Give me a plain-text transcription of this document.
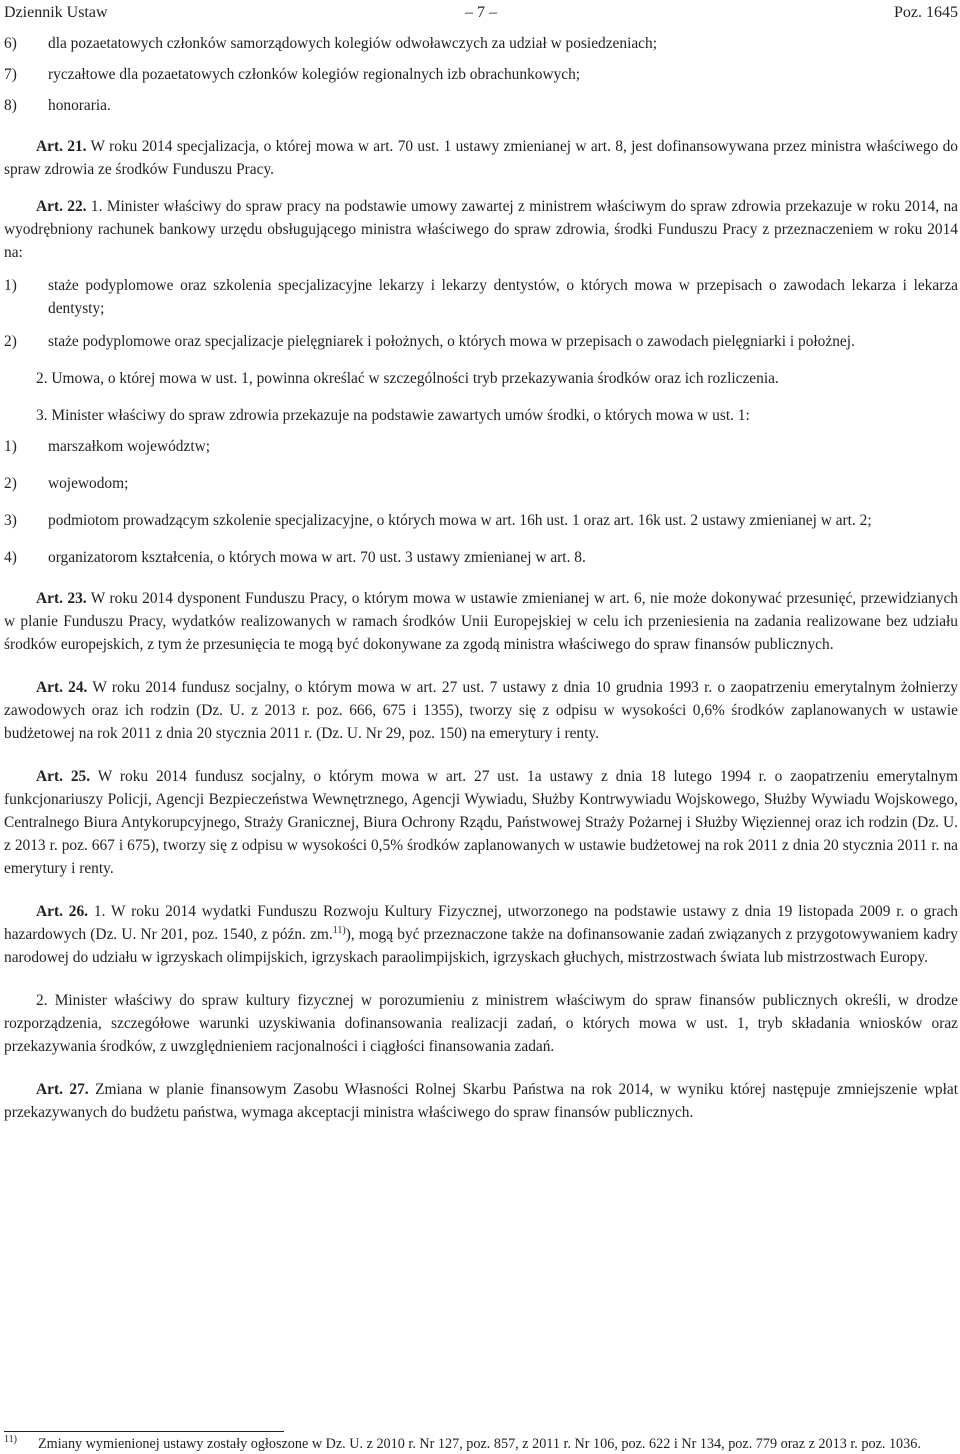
Dziennik Ustaw	– 7 –	Poz. 1645
6) dla pozaetatowych członków samorządowych kolegiów odwoławczych za udział w posiedzeniach;
7) ryczałtowe dla pozaetatowych członków kolegiów regionalnych izb obrachunkowych;
8) honoraria.

Art. 21. W roku 2014 specjalizacja, o której mowa w art. 70 ust. 1 ustawy zmienianej w art. 8, jest dofinansowywana przez ministra właściwego do spraw zdrowia ze środków Funduszu Pracy.

Art. 22. 1. Minister właściwy do spraw pracy na podstawie umowy zawartej z ministrem właściwym do spraw zdrowia przekazuje w roku 2014, na wyodrębniony rachunek bankowy urzędu obsługującego ministra właściwego do spraw zdrowia, środki Funduszu Pracy z przeznaczeniem w roku 2014 na:

1) staże podyplomowe oraz szkolenia specjalizacyjne lekarzy i lekarzy dentystów, o których mowa w przepisach o zawodach lekarza i lekarza dentysty;
2) staże podyplomowe oraz specjalizacje pielęgniarek i położnych, o których mowa w przepisach o zawodach pielęgniarki i położnej.

2. Umowa, o której mowa w ust. 1, powinna określać w szczególności tryb przekazywania środków oraz ich rozliczenia.

3. Minister właściwy do spraw zdrowia przekazuje na podstawie zawartych umów środki, o których mowa w ust. 1:

1) marszałkom województw;
2) wojewodom;
3) podmiotom prowadzącym szkolenie specjalizacyjne, o których mowa w art. 16h ust. 1 oraz art. 16k ust. 2 ustawy zmienianej w art. 2;
4) organizatorom kształcenia, o których mowa w art. 70 ust. 3 ustawy zmienianej w art. 8.

Art. 23. W roku 2014 dysponent Funduszu Pracy, o którym mowa w ustawie zmienianej w art. 6, nie może dokonywać przesunięć, przewidzianych w planie Funduszu Pracy, wydatków realizowanych w ramach środków Unii Europejskiej w celu ich przeniesienia na zadania realizowane bez udziału środków europejskich, z tym że przesunięcia te mogą być dokonywane za zgodą ministra właściwego do spraw finansów publicznych.

Art. 24. W roku 2014 fundusz socjalny, o którym mowa w art. 27 ust. 7 ustawy z dnia 10 grudnia 1993 r. o zaopatrzeniu emerytalnym żołnierzy zawodowych oraz ich rodzin (Dz. U. z 2013 r. poz. 666, 675 i 1355), tworzy się z odpisu w wysokości 0,6% środków zaplanowanych w ustawie budżetowej na rok 2011 z dnia 20 stycznia 2011 r. (Dz. U. Nr 29, poz. 150) na emerytury i renty.

Art. 25. W roku 2014 fundusz socjalny, o którym mowa w art. 27 ust. 1a ustawy z dnia 18 lutego 1994 r. o zaopatrzeniu emerytalnym funkcjonariuszy Policji, Agencji Bezpieczeństwa Wewnętrznego, Agencji Wywiadu, Służby Kontrwywiadu Wojskowego, Służby Wywiadu Wojskowego, Centralnego Biura Antykorupcyjnego, Straży Granicznej, Biura Ochrony Rządu, Państwowej Straży Pożarnej i Służby Więziennej oraz ich rodzin (Dz. U. z 2013 r. poz. 667 i 675), tworzy się z odpisu w wysokości 0,5% środków zaplanowanych w ustawie budżetowej na rok 2011 z dnia 20 stycznia 2011 r. na emerytury i renty.

Art. 26. 1. W roku 2014 wydatki Funduszu Rozwoju Kultury Fizycznej, utworzonego na podstawie ustawy z dnia 19 listopada 2009 r. o grach hazardowych (Dz. U. Nr 201, poz. 1540, z późn. zm.$^{11)}$), mogą być przeznaczone także na dofinansowanie zadań związanych z przygotowywaniem kadry narodowej do udziału w igrzyskach olimpijskich, igrzyskach paraolimpijskich, igrzyskach głuchych, mistrzostwach świata lub mistrzostwach Europy.

2. Minister właściwy do spraw kultury fizycznej w porozumieniu z ministrem właściwym do spraw finansów publicznych określi, w drodze rozporządzenia, szczegółowe warunki uzyskiwania dofinansowania realizacji zadań, o których mowa w ust. 1, tryb składania wniosków oraz przekazywania środków, z uwzględnieniem racjonalności i ciągłości finansowania zadań.

Art. 27. Zmiana w planie finansowym Zasobu Własności Rolnej Skarbu Państwa na rok 2014, w wyniku której następuje zmniejszenie wpłat przekazywanych do budżetu państwa, wymaga akceptacji ministra właściwego do spraw finansów publicznych.

11)	Zmiany wymienionej ustawy zostały ogłoszone w Dz. U. z 2010 r. Nr 127, poz. 857, z 2011 r. Nr 106, poz. 622 i Nr 134, poz. 779 oraz z 2013 r. poz. 1036.
